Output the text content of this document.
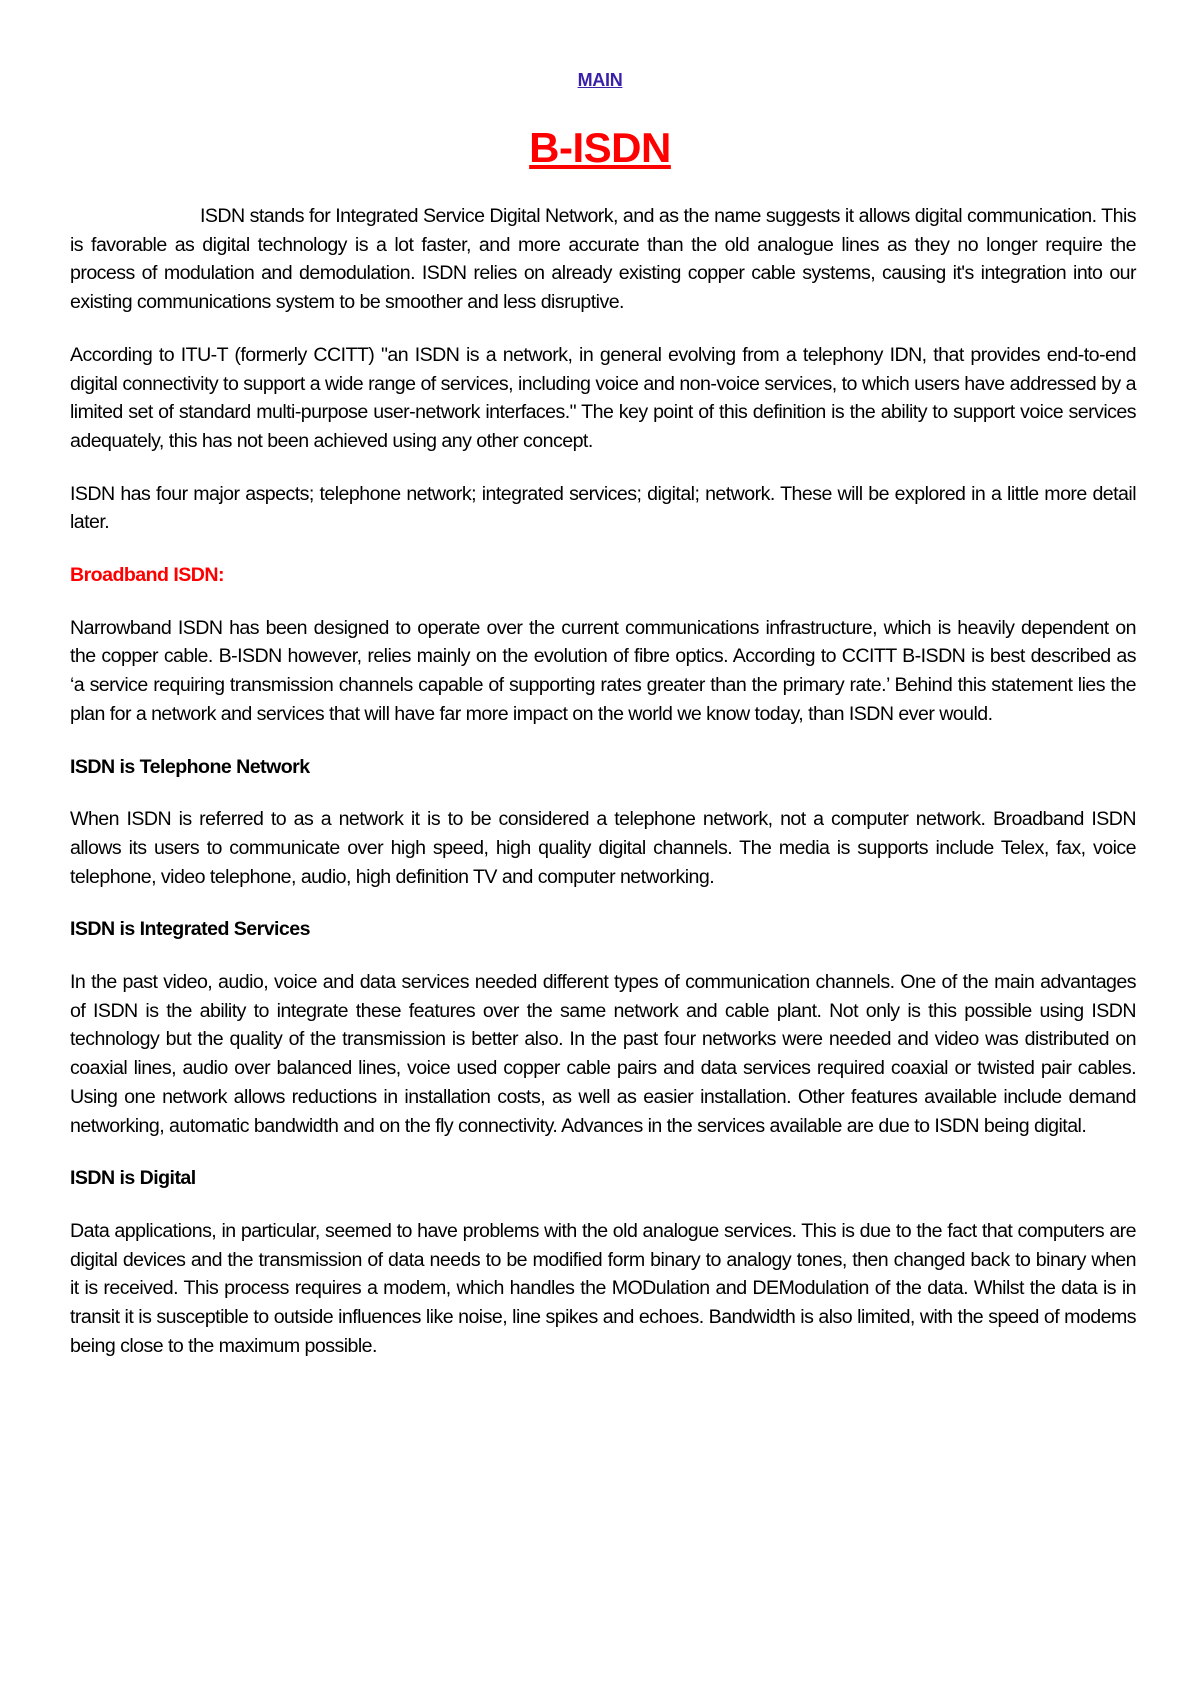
MAIN
B-ISDN

ISDN stands for Integrated Service Digital Network, and as the name suggests it allows digital communication. This is favorable as digital technology is a lot faster, and more accurate than the old analogue lines as they no longer require the process of modulation and demodulation. ISDN relies on already existing copper cable systems, causing it's integration into our existing communications system to be smoother and less disruptive.

According to ITU-T (formerly CCITT) "an ISDN is a network, in general evolving from a telephony IDN, that provides end-to-end digital connectivity to support a wide range of services, including voice and non-voice services, to which users have addressed by a limited set of standard multi-purpose user-network interfaces." The key point of this definition is the ability to support voice services adequately, this has not been achieved using any other concept.

ISDN has four major aspects; telephone network; integrated services; digital; network. These will be explored in a little more detail later.

Broadband ISDN:

Narrowband ISDN has been designed to operate over the current communications infrastructure, which is heavily dependent on the copper cable. B-ISDN however, relies mainly on the evolution of fibre optics. According to CCITT B-ISDN is best described as ‘a service requiring transmission channels capable of supporting rates greater than the primary rate.’ Behind this statement lies the plan for a network and services that will have far more impact on the world we know today, than ISDN ever would.

ISDN is Telephone Network

When ISDN is referred to as a network it is to be considered a telephone network, not a computer network. Broadband ISDN allows its users to communicate over high speed, high quality digital channels. The media is supports include Telex, fax, voice telephone, video telephone, audio, high definition TV and computer networking.

ISDN is Integrated Services

In the past video, audio, voice and data services needed different types of communication channels. One of the main advantages of ISDN is the ability to integrate these features over the same network and cable plant. Not only is this possible using ISDN technology but the quality of the transmission is better also. In the past four networks were needed and video was distributed on coaxial lines, audio over balanced lines, voice used copper cable pairs and data services required coaxial or twisted pair cables. Using one network allows reductions in installation costs, as well as easier installation. Other features available include demand networking, automatic bandwidth and on the fly connectivity. Advances in the services available are due to ISDN being digital.

ISDN is Digital

Data applications, in particular, seemed to have problems with the old analogue services. This is due to the fact that computers are digital devices and the transmission of data needs to be modified form binary to analogy tones, then changed back to binary when it is received. This process requires a modem, which handles the MODulation and DEModulation of the data. Whilst the data is in transit it is susceptible to outside influences like noise, line spikes and echoes. Bandwidth is also limited, with the speed of modems being close to the maximum possible.
